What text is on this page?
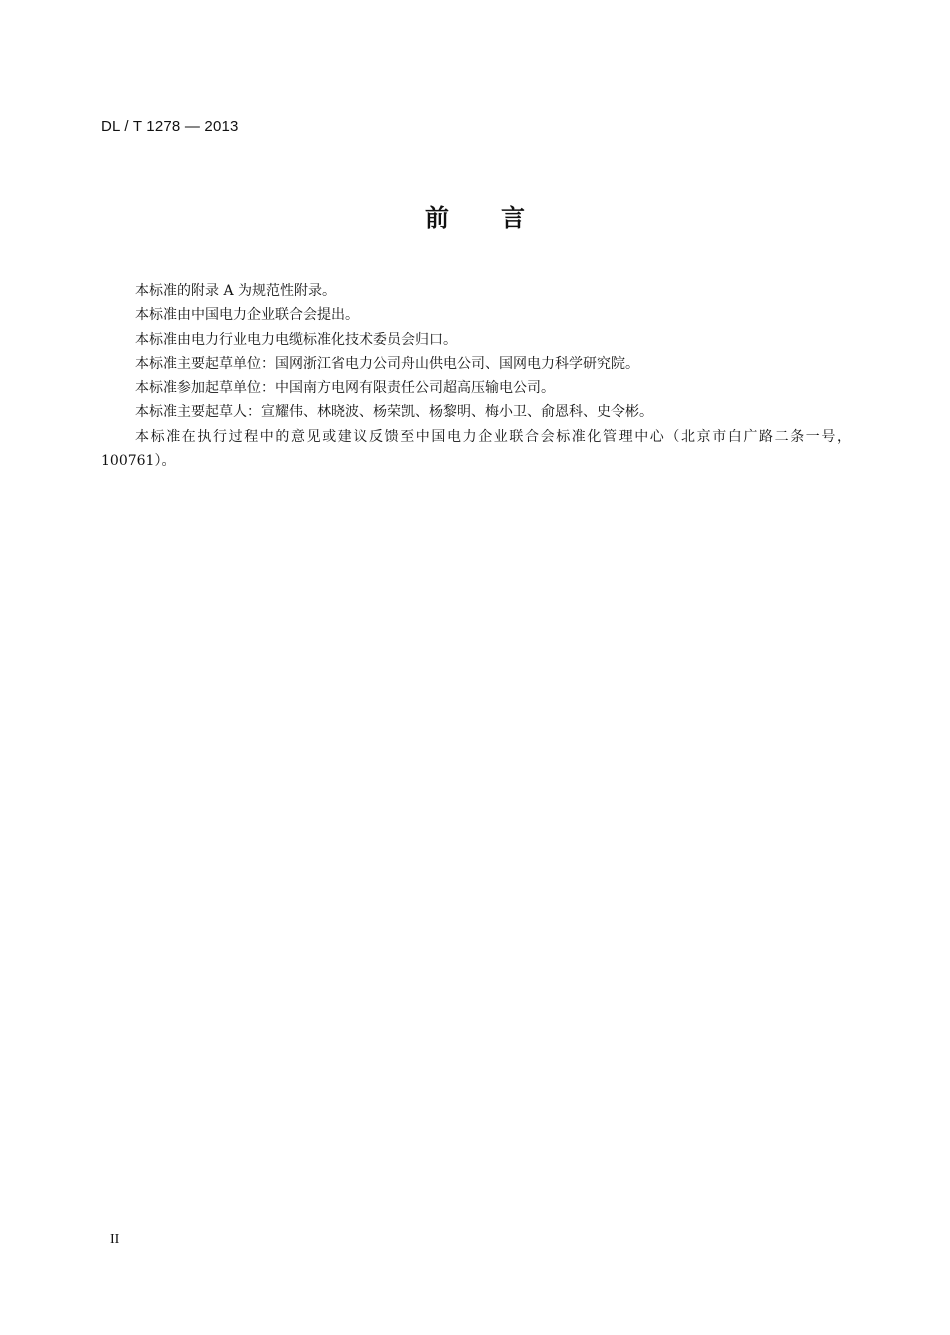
DL / T 1278 — 2013
前 言

本标准的附录 A 为规范性附录。

本标准由中国电力企业联合会提出。

本标准由电力行业电力电缆标准化技术委员会归口。

本标准主要起草单位：国网浙江省电力公司舟山供电公司、国网电力科学研究院。

本标准参加起草单位：中国南方电网有限责任公司超高压输电公司。

本标准主要起草人：宣耀伟、林晓波、杨荣凯、杨黎明、梅小卫、俞恩科、史令彬。

本标准在执行过程中的意见或建议反馈至中国电力企业联合会标准化管理中心（北京市白广路二条一号，100761）。

II
